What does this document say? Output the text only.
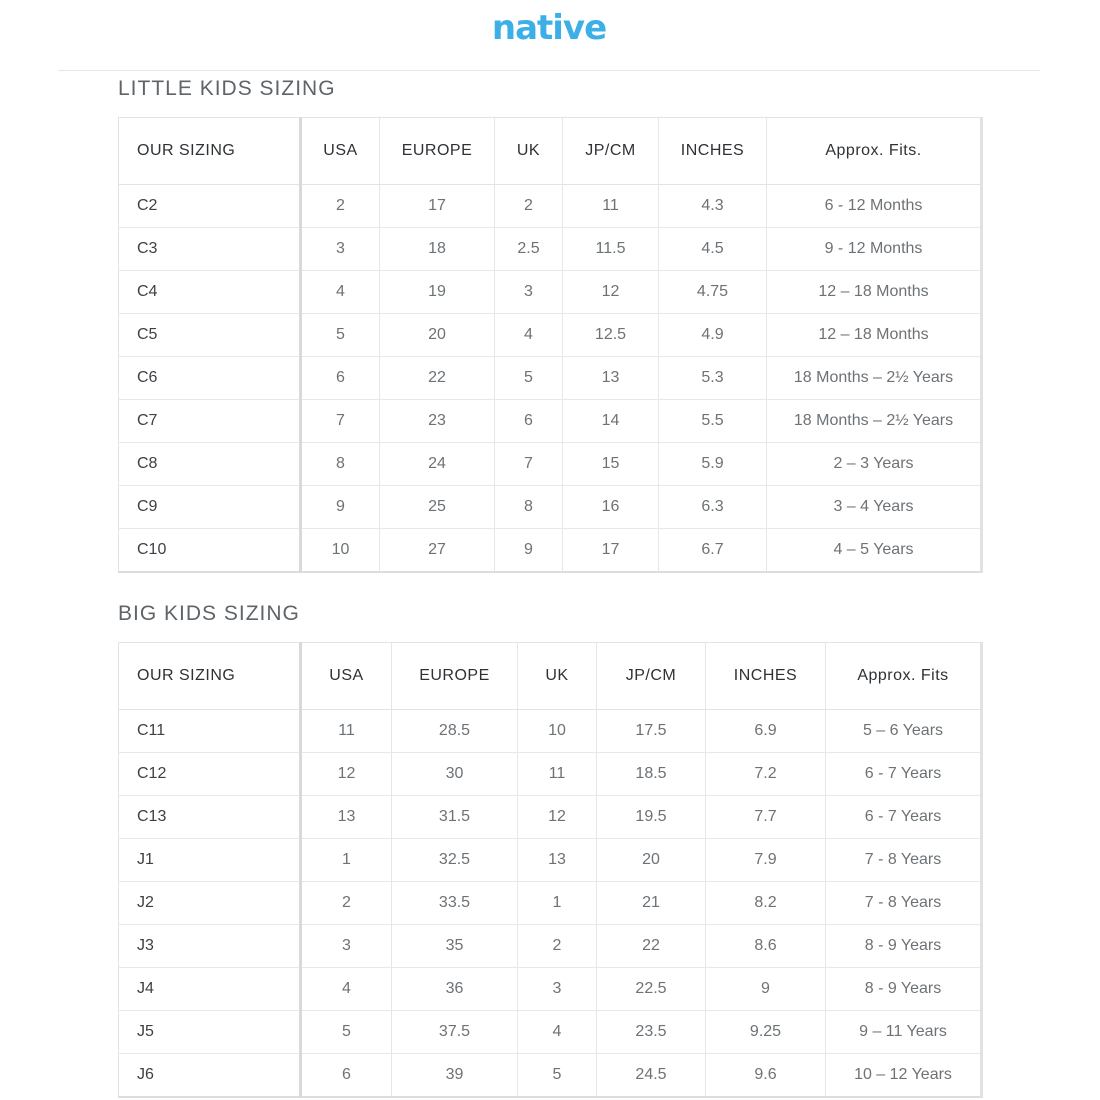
native
LITTLE KIDS SIZING
OUR SIZING	USA	EUROPE	UK	JP/CM	INCHES	Approx. Fits.
C2	2	17	2	11	4.3	6 - 12 Months
C3	3	18	2.5	11.5	4.5	9 - 12 Months
C4	4	19	3	12	4.75	12 – 18 Months
C5	5	20	4	12.5	4.9	12 – 18 Months
C6	6	22	5	13	5.3	18 Months – 2½ Years
C7	7	23	6	14	5.5	18 Months – 2½ Years
C8	8	24	7	15	5.9	2 – 3 Years
C9	9	25	8	16	6.3	3 – 4 Years
C10	10	27	9	17	6.7	4 – 5 Years
BIG KIDS SIZING
OUR SIZING	USA	EUROPE	UK	JP/CM	INCHES	Approx. Fits
C11	11	28.5	10	17.5	6.9	5 – 6 Years
C12	12	30	11	18.5	7.2	6 - 7 Years
C13	13	31.5	12	19.5	7.7	6 - 7 Years
J1	1	32.5	13	20	7.9	7 - 8 Years
J2	2	33.5	1	21	8.2	7 - 8 Years
J3	3	35	2	22	8.6	8 - 9 Years
J4	4	36	3	22.5	9	8 - 9 Years
J5	5	37.5	4	23.5	9.25	9 – 11 Years
J6	6	39	5	24.5	9.6	10 – 12 Years
